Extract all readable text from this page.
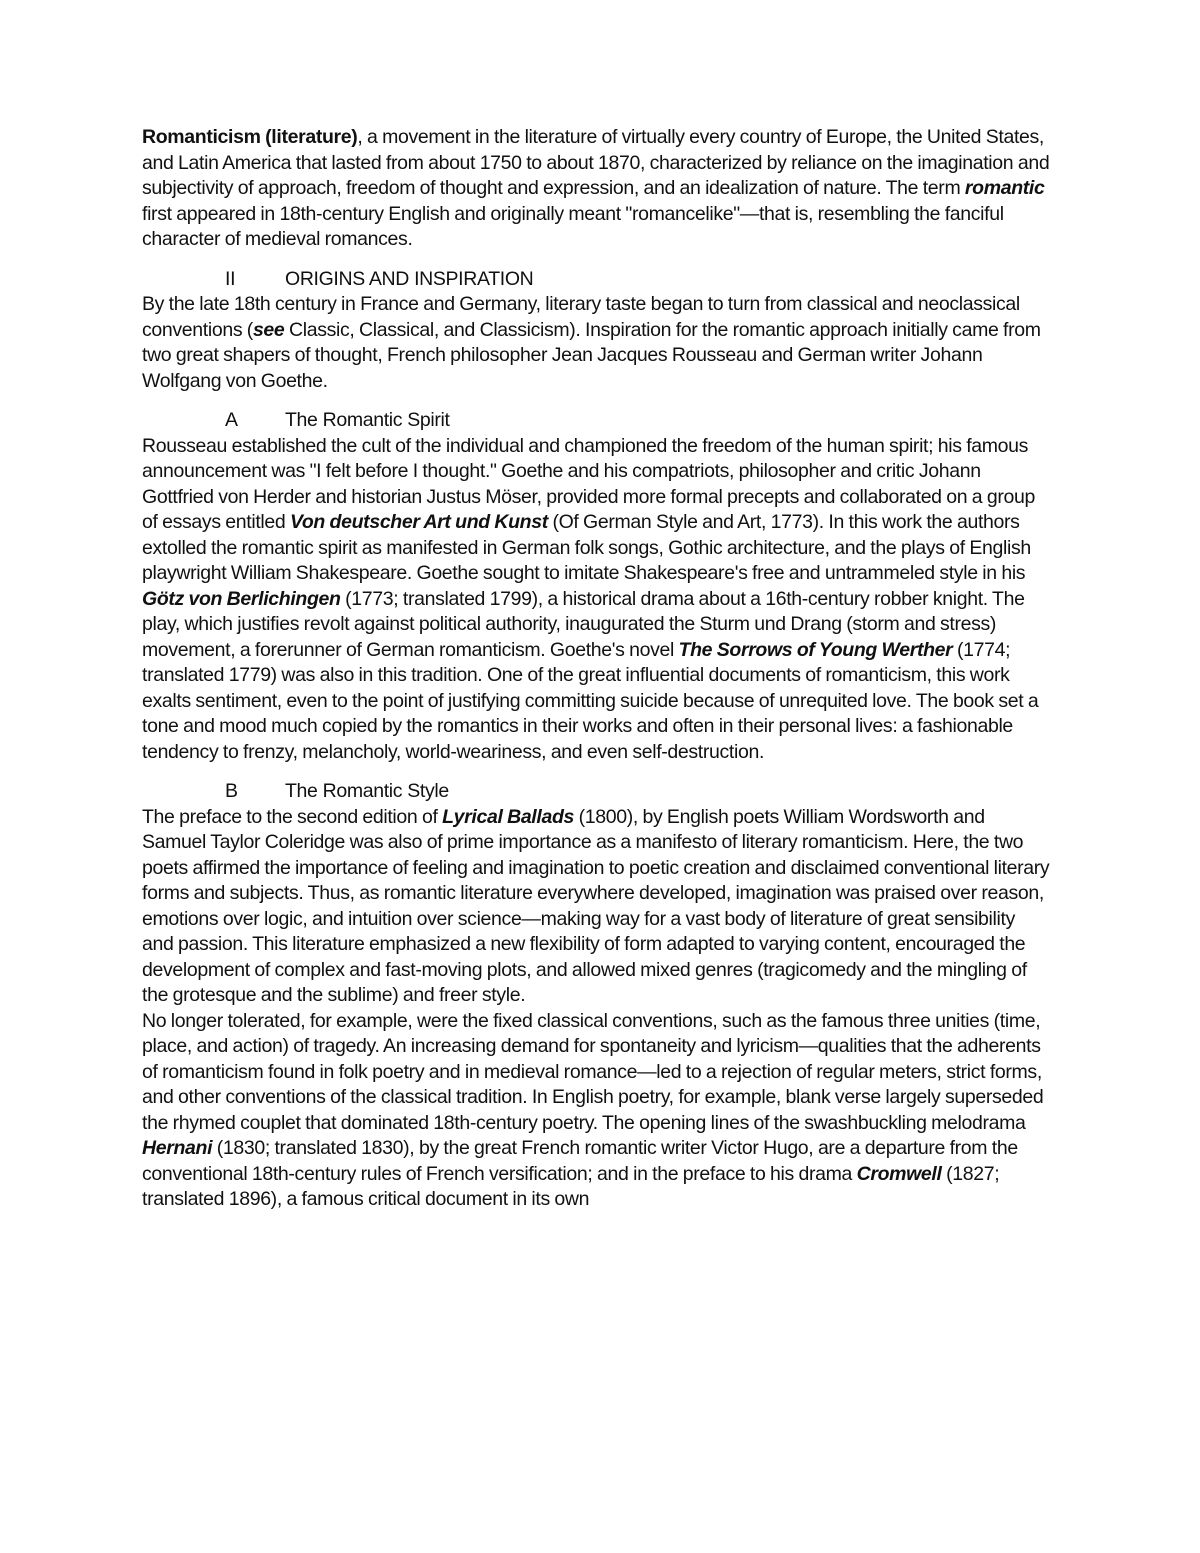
Romanticism (literature), a movement in the literature of virtually every country of Europe, the United States, and Latin America that lasted from about 1750 to about 1870, characterized by reliance on the imagination and subjectivity of approach, freedom of thought and expression, and an idealization of nature. The term romantic first appeared in 18th-century English and originally meant "romancelike"—that is, resembling the fanciful character of medieval romances.

II	ORIGINS AND INSPIRATION

By the late 18th century in France and Germany, literary taste began to turn from classical and neoclassical conventions (see Classic, Classical, and Classicism). Inspiration for the romantic approach initially came from two great shapers of thought, French philosopher Jean Jacques Rousseau and German writer Johann Wolfgang von Goethe.

A	The Romantic Spirit

Rousseau established the cult of the individual and championed the freedom of the human spirit; his famous announcement was "I felt before I thought." Goethe and his compatriots, philosopher and critic Johann Gottfried von Herder and historian Justus Möser, provided more formal precepts and collaborated on a group of essays entitled Von deutscher Art und Kunst (Of German Style and Art, 1773). In this work the authors extolled the romantic spirit as manifested in German folk songs, Gothic architecture, and the plays of English playwright William Shakespeare. Goethe sought to imitate Shakespeare's free and untrammeled style in his Götz von Berlichingen (1773; translated 1799), a historical drama about a 16th-century robber knight. The play, which justifies revolt against political authority, inaugurated the Sturm und Drang (storm and stress) movement, a forerunner of German romanticism. Goethe's novel The Sorrows of Young Werther (1774; translated 1779) was also in this tradition. One of the great influential documents of romanticism, this work exalts sentiment, even to the point of justifying committing suicide because of unrequited love. The book set a tone and mood much copied by the romantics in their works and often in their personal lives: a fashionable tendency to frenzy, melancholy, world-weariness, and even self-destruction.

B	The Romantic Style

The preface to the second edition of Lyrical Ballads (1800), by English poets William Wordsworth and Samuel Taylor Coleridge was also of prime importance as a manifesto of literary romanticism. Here, the two poets affirmed the importance of feeling and imagination to poetic creation and disclaimed conventional literary forms and subjects. Thus, as romantic literature everywhere developed, imagination was praised over reason, emotions over logic, and intuition over science—making way for a vast body of literature of great sensibility and passion. This literature emphasized a new flexibility of form adapted to varying content, encouraged the development of complex and fast-moving plots, and allowed mixed genres (tragicomedy and the mingling of the grotesque and the sublime) and freer style.

No longer tolerated, for example, were the fixed classical conventions, such as the famous three unities (time, place, and action) of tragedy. An increasing demand for spontaneity and lyricism—qualities that the adherents of romanticism found in folk poetry and in medieval romance—led to a rejection of regular meters, strict forms, and other conventions of the classical tradition. In English poetry, for example, blank verse largely superseded the rhymed couplet that dominated 18th-century poetry. The opening lines of the swashbuckling melodrama Hernani (1830; translated 1830), by the great French romantic writer Victor Hugo, are a departure from the conventional 18th-century rules of French versification; and in the preface to his drama Cromwell (1827; translated 1896), a famous critical document in its own
